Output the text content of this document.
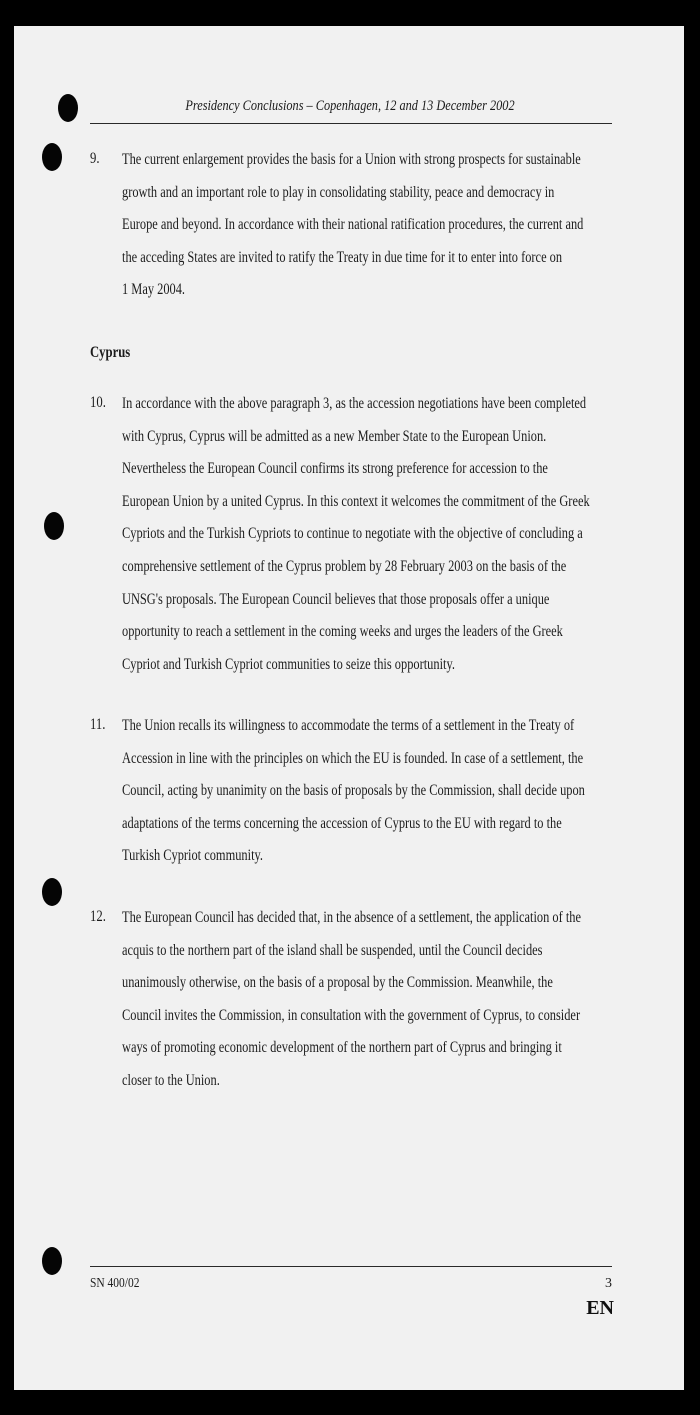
Presidency Conclusions – Copenhagen, 12 and 13 December 2002
9.	The current enlargement provides the basis for a Union with strong prospects for sustainable
growth and an important role to play in consolidating stability, peace and democracy in
Europe and beyond. In accordance with their national ratification procedures, the current and
the acceding States are invited to ratify the Treaty in due time for it to enter into force on
1 May 2004.
Cyprus
10.	In accordance with the above paragraph 3, as the accession negotiations have been completed
with Cyprus, Cyprus will be admitted as a new Member State to the European Union.
Nevertheless the European Council confirms its strong preference for accession to the
European Union by a united Cyprus. In this context it welcomes the commitment of the Greek
Cypriots and the Turkish Cypriots to continue to negotiate with the objective of concluding a
comprehensive settlement of the Cyprus problem by 28 February 2003 on the basis of the
UNSG's proposals. The European Council believes that those proposals offer a unique
opportunity to reach a settlement in the coming weeks and urges the leaders of the Greek
Cypriot and Turkish Cypriot communities to seize this opportunity.
11.	The Union recalls its willingness to accommodate the terms of a settlement in the Treaty of
Accession in line with the principles on which the EU is founded. In case of a settlement, the
Council, acting by unanimity on the basis of proposals by the Commission, shall decide upon
adaptations of the terms concerning the accession of Cyprus to the EU with regard to the
Turkish Cypriot community.
12.	The European Council has decided that, in the absence of a settlement, the application of the
acquis to the northern part of the island shall be suspended, until the Council decides
unanimously otherwise, on the basis of a proposal by the Commission. Meanwhile, the
Council invites the Commission, in consultation with the government of Cyprus, to consider
ways of promoting economic development of the northern part of Cyprus and bringing it
closer to the Union.
SN 400/02	3
EN
